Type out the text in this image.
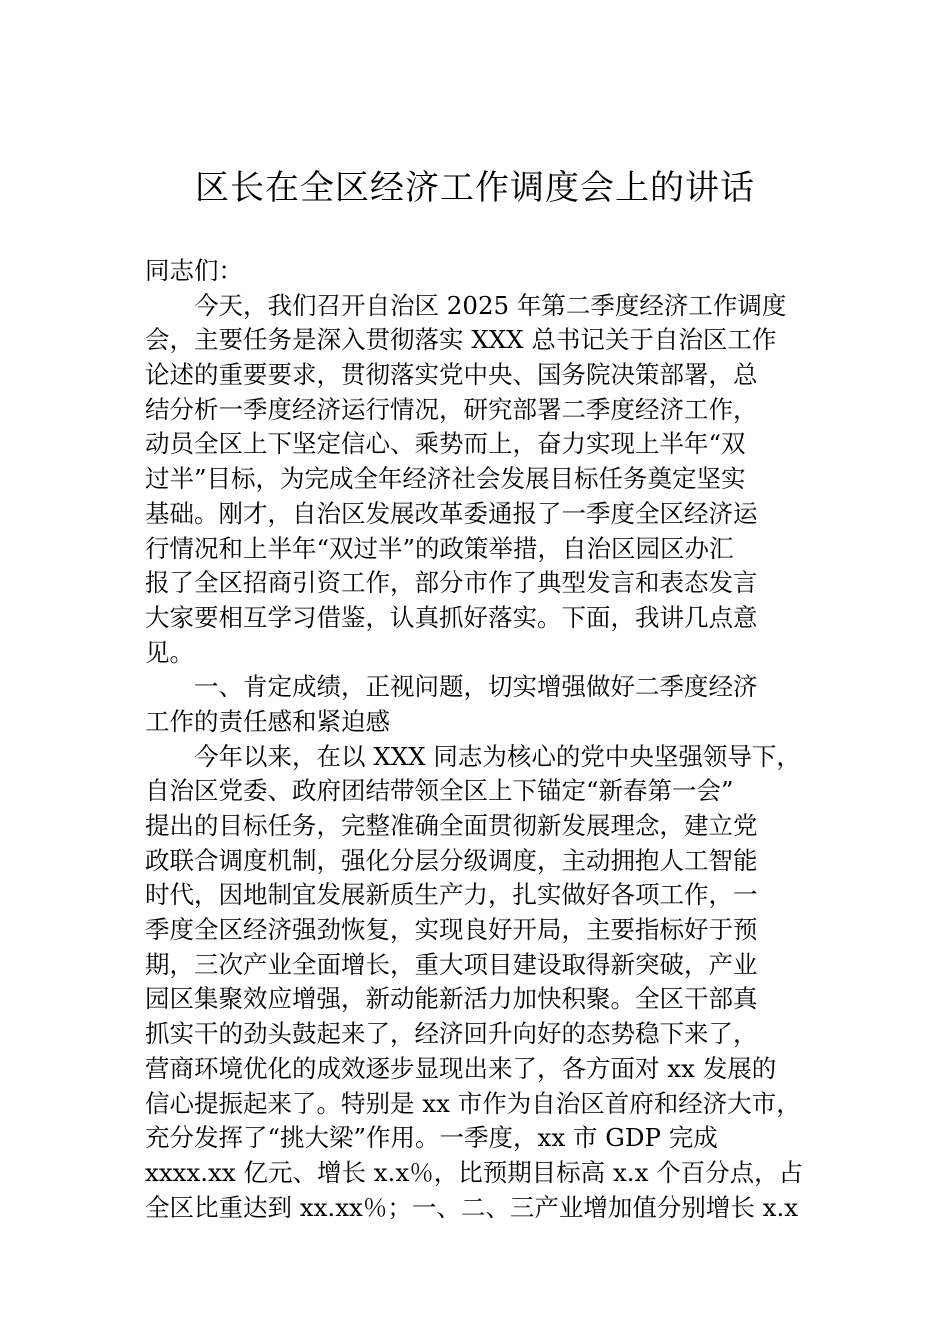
区长在全区经济工作调度会上的讲话
同志们：
今天，我们召开自治区 2025 年第二季度经济工作调度
会，主要任务是深入贯彻落实 XXX 总书记关于自治区工作
论述的重要要求，贯彻落实党中央、国务院决策部署，总
结分析一季度经济运行情况，研究部署二季度经济工作，
动员全区上下坚定信心、乘势而上，奋力实现上半年“双
过半”目标，为完成全年经济社会发展目标任务奠定坚实
基础。刚才，自治区发展改革委通报了一季度全区经济运
行情况和上半年“双过半”的政策举措，自治区园区办汇
报了全区招商引资工作，部分市作了典型发言和表态发言
大家要相互学习借鉴，认真抓好落实。下面，我讲几点意
见。
一、肯定成绩，正视问题，切实增强做好二季度经济
工作的责任感和紧迫感
今年以来，在以 XXX 同志为核心的党中央坚强领导下，
自治区党委、政府团结带领全区上下锚定“新春第一会”
提出的目标任务，完整准确全面贯彻新发展理念，建立党
政联合调度机制，强化分层分级调度，主动拥抱人工智能
时代，因地制宜发展新质生产力，扎实做好各项工作，一
季度全区经济强劲恢复，实现良好开局，主要指标好于预
期，三次产业全面增长，重大项目建设取得新突破，产业
园区集聚效应增强，新动能新活力加快积聚。全区干部真
抓实干的劲头鼓起来了，经济回升向好的态势稳下来了，
营商环境优化的成效逐步显现出来了，各方面对 xx 发展的
信心提振起来了。特别是 xx 市作为自治区首府和经济大市，
充分发挥了“挑大梁”作用。一季度，xx 市 GDP 完成
xxxx.xx 亿元、增长 x.x％，比预期目标高 x.x 个百分点，占
全区比重达到 xx.xx％；一、二、三产业增加值分别增长 x.x
